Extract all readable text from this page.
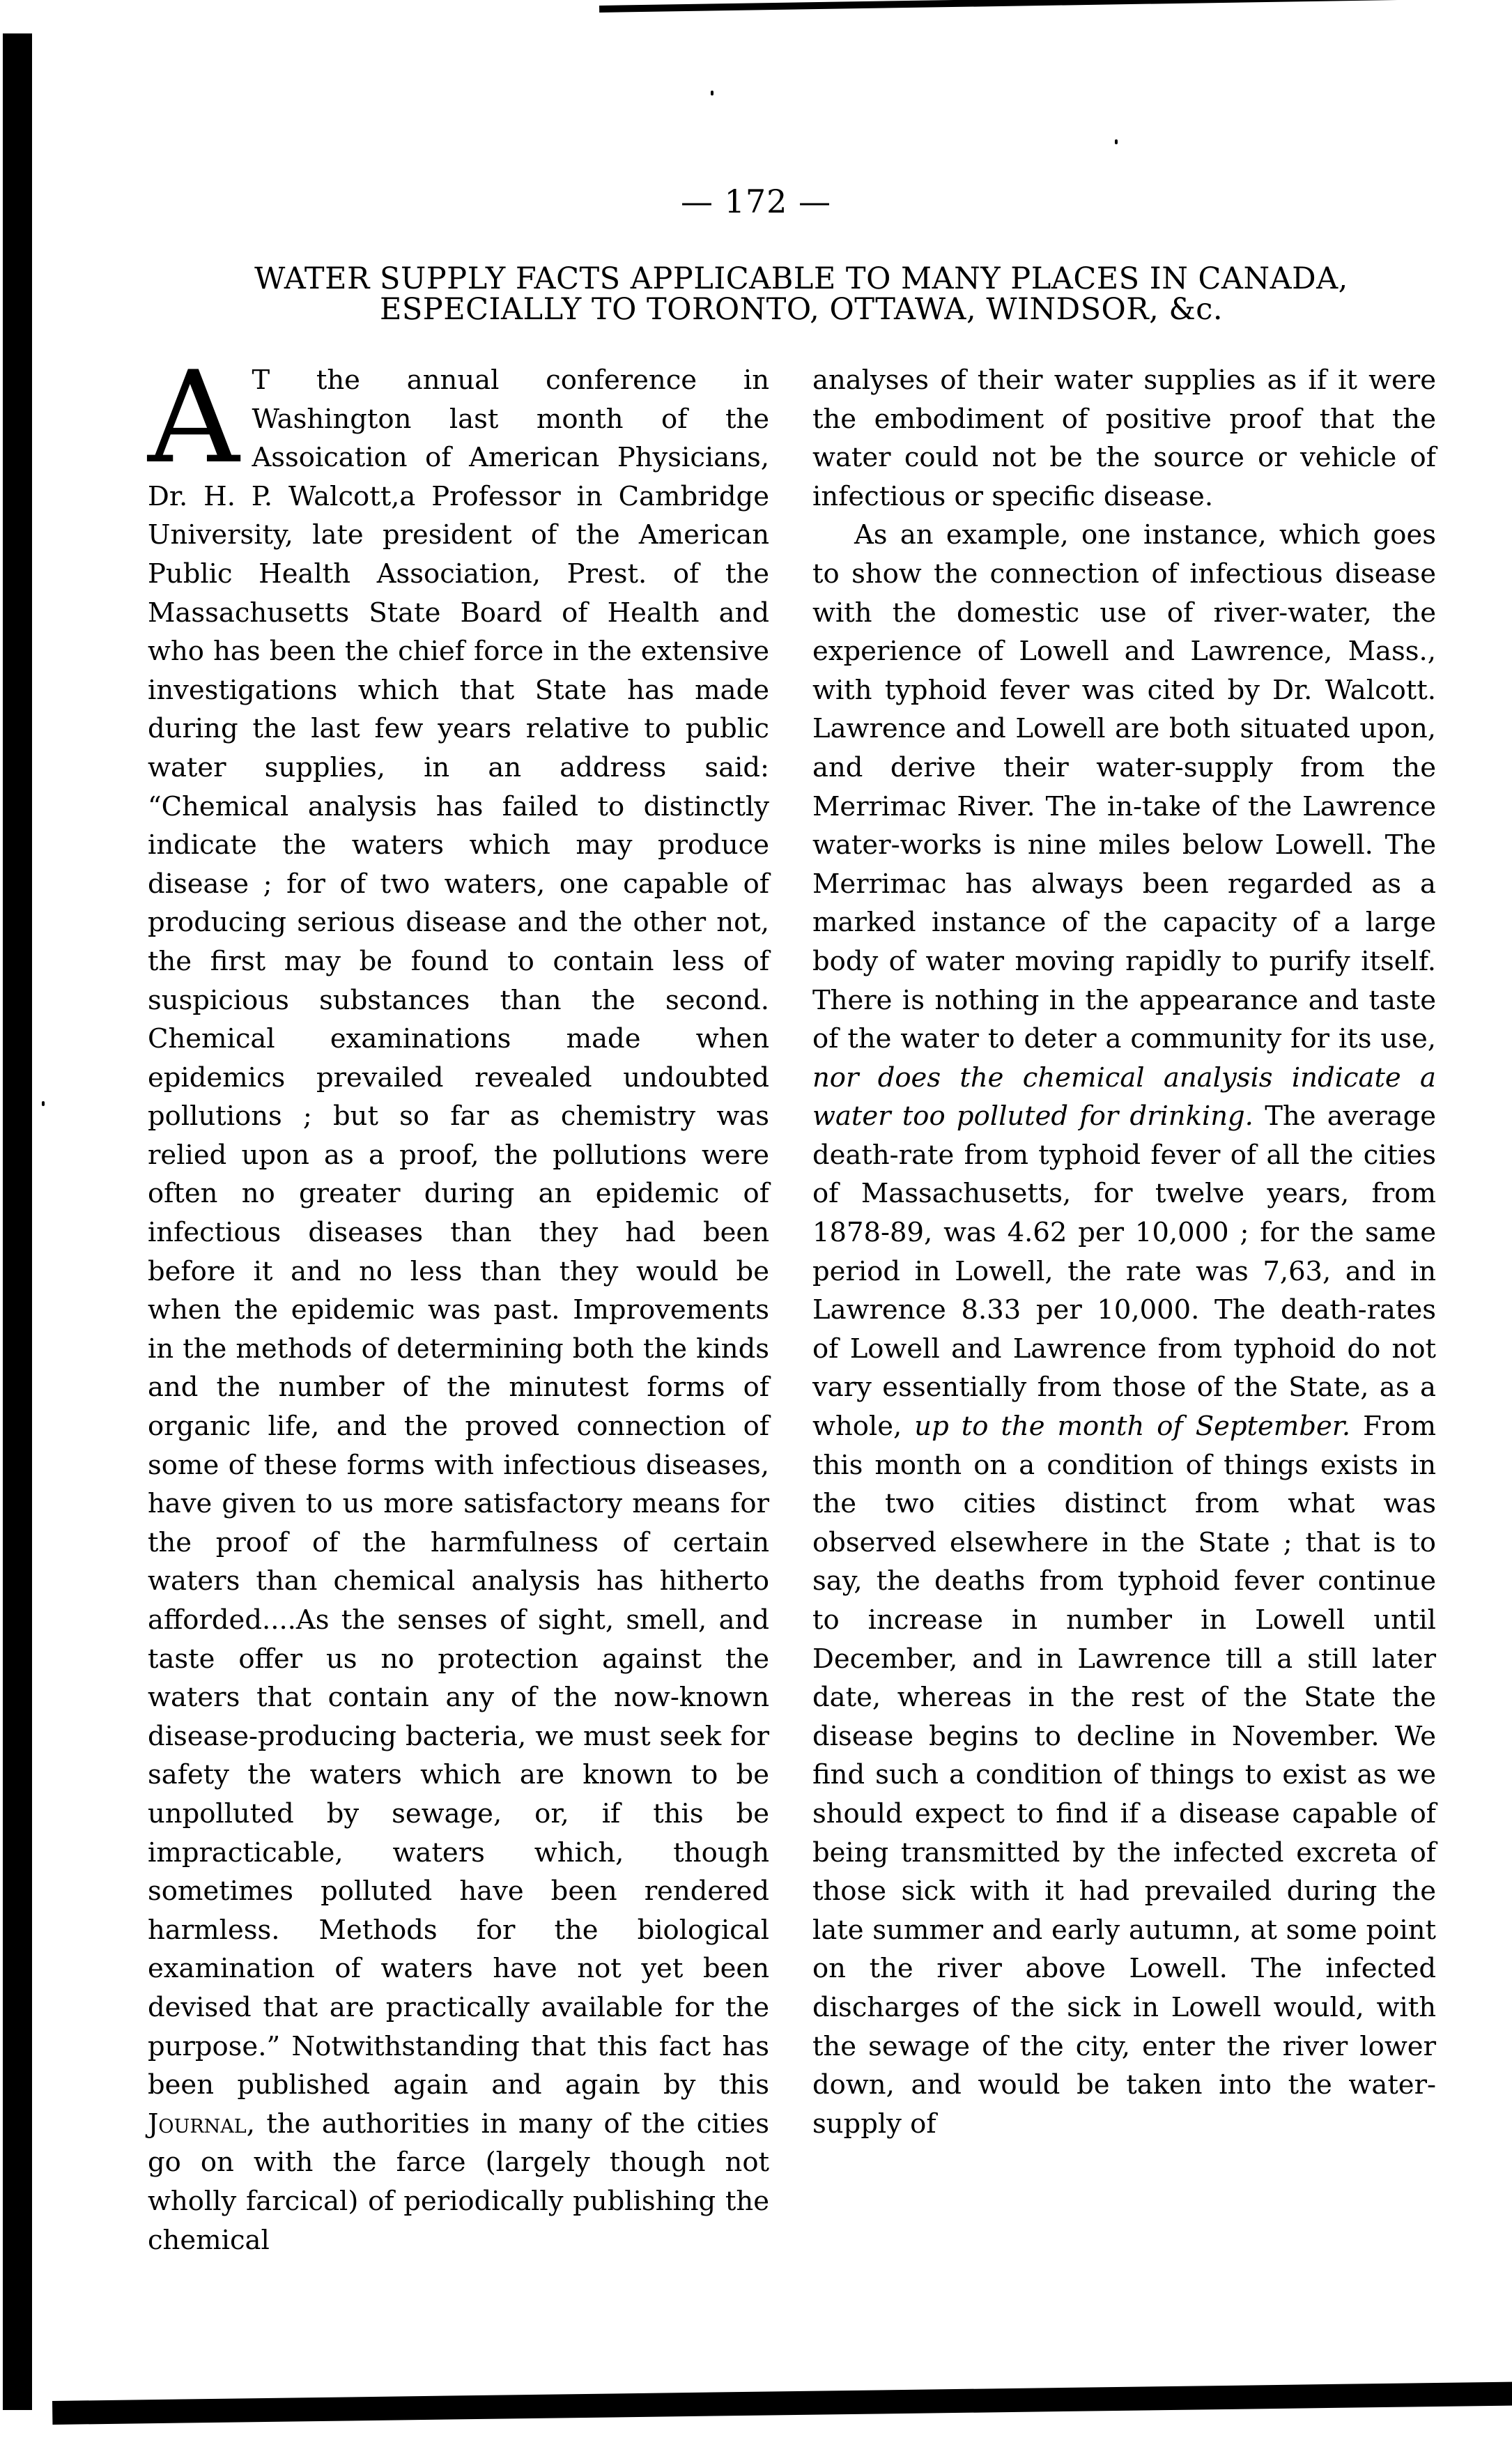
— 172 —
WATER SUPPLY FACTS APPLICABLE TO MANY PLACES IN CANADA,
ESPECIALLY TO TORONTO, OTTAWA, WINDSOR, &c.

A T the annual conference in Washington last month of the Assoication of American Physicians, Dr. H. P. Walcott,a Professor in Cambridge University, late president of the American Public Health Association, Prest. of the Massachusetts State Board of Health and who has been the chief force in the extensive investigations which that State has made during the last few years relative to public water supplies, in an address said: “Chemical analysis has failed to distinctly indicate the waters which may produce disease ; for of two waters, one capable of producing serious disease and the other not, the first may be found to contain less of suspicious substances than the second. Chemical examinations made when epidemics prevailed revealed undoubted pollutions ; but so far as chemistry was relied upon as a proof, the pollutions were often no greater during an epidemic of infectious diseases than they had been before it and no less than they would be when the epidemic was past. Improvements in the methods of determining both the kinds and the number of the minutest forms of organic life, and the proved connection of some of these forms with infectious diseases, have given to us more satisfactory means for the proof of the harmfulness of certain waters than chemical analysis has hitherto afforded....As the senses of sight, smell, and taste offer us no protection against the waters that contain any of the now-known disease-producing bacteria, we must seek for safety the waters which are known to be unpolluted by sewage, or, if this be impracticable, waters which, though sometimes polluted have been rendered harmless. Methods for the biological examination of waters have not yet been devised that are practically available for the purpose.” Notwithstanding that this fact has been published again and again by this Journal, the authorities in many of the cities go on with the farce (largely though not wholly farcical) of periodically publishing the chemical

analyses of their water supplies as if it were the embodiment of positive proof that the water could not be the source or vehicle of infectious or specific disease.

As an example, one instance, which goes to show the connection of infectious disease with the domestic use of river-water, the experience of Lowell and Lawrence, Mass., with typhoid fever was cited by Dr. Walcott. Lawrence and Lowell are both situated upon, and derive their water-supply from the Merrimac River. The in-take of the Lawrence water-works is nine miles below Lowell. The Merrimac has always been regarded as a marked instance of the capacity of a large body of water moving rapidly to purify itself. There is nothing in the appearance and taste of the water to deter a community for its use, nor does the chemical analysis indicate a water too polluted for drinking. The average death-rate from typhoid fever of all the cities of Massachusetts, for twelve years, from 1878-89, was 4.62 per 10,000 ; for the same period in Lowell, the rate was 7,63, and in Lawrence 8.33 per 10,000. The death-rates of Lowell and Lawrence from typhoid do not vary essentially from those of the State, as a whole, up to the month of September. From this month on a condition of things exists in the two cities distinct from what was observed elsewhere in the State ; that is to say, the deaths from typhoid fever continue to increase in number in Lowell until December, and in Lawrence till a still later date, whereas in the rest of the State the disease begins to decline in November. We find such a condition of things to exist as we should expect to find if a disease capable of being transmitted by the infected excreta of those sick with it had prevailed during the late summer and early autumn, at some point on the river above Lowell. The infected discharges of the sick in Lowell would, with the sewage of the city, enter the river lower down, and would be taken into the water-supply of
